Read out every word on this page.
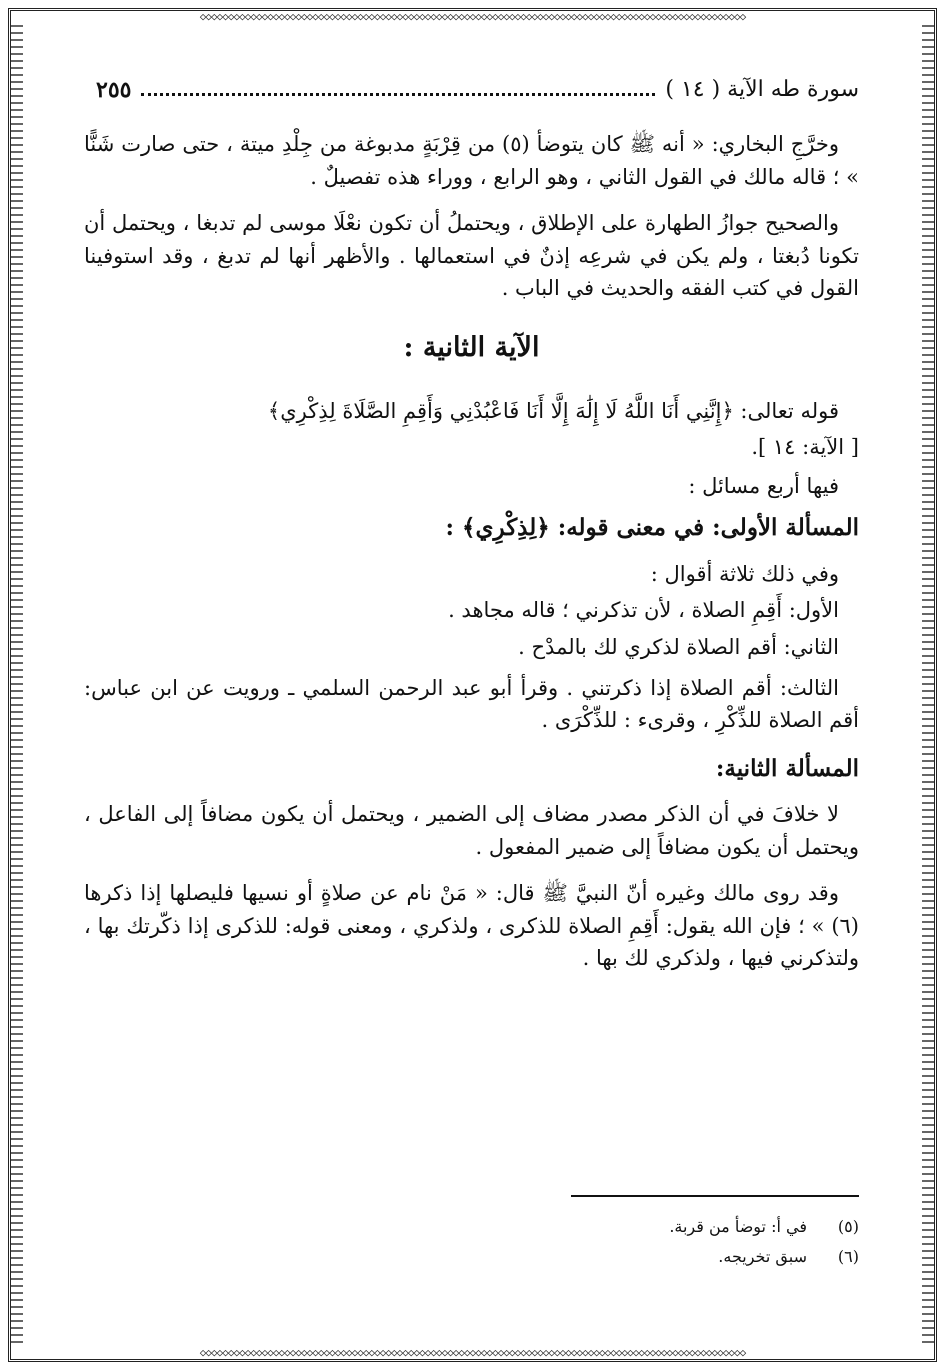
◇◇◇◇◇◇◇◇◇◇◇◇◇◇◇◇◇◇◇◇◇◇◇◇◇◇◇◇◇◇◇◇◇◇◇◇◇◇◇◇◇◇◇◇◇◇◇◇◇◇◇◇◇◇◇◇◇◇◇◇◇◇◇◇◇◇◇◇◇◇◇◇◇◇◇◇◇◇◇◇◇◇◇◇◇◇◇◇◇◇◇◇◇◇◇◇◇
◇◇◇◇◇◇◇◇◇◇◇◇◇◇◇◇◇◇◇◇◇◇◇◇◇◇◇◇◇◇◇◇◇◇◇◇◇◇◇◇◇◇◇◇◇◇◇◇◇◇◇◇◇◇◇◇◇◇◇◇◇◇◇◇◇◇◇◇◇◇◇◇◇◇◇◇◇◇◇◇◇◇◇◇◇◇◇◇◇◇◇◇◇◇◇◇◇
سورة طه الآية ( ١٤ )
٢٥٥

وخرَّجِ البخاري: « أنه ﷺ كان يتوضأ (٥) من قِرْبَةٍ مدبوغة من جِلْدِ ميتة ، حتى صارت شَنًّا » ؛ قاله مالك في القول الثاني ، وهو الرابع ، ووراء هذه تفصيلٌ .

والصحيح جوازُ الطهارة على الإطلاق ، ويحتملُ أن تكون نعْلَا موسى لم تدبغا ، ويحتمل أن تكونا دُبغتا ، ولم يكن في شرعِه إذنٌ في استعمالها . والأظهر أنها لم تدبغ ، وقد استوفينا القول في كتب الفقه والحديث في الباب .

الآية الثانية :

قوله تعالى: ﴿إِنَّنِي أَنَا اللَّهُ لَا إِلَٰهَ إِلَّا أَنَا فَاعْبُدْنِي وَأَقِمِ الصَّلَاةَ لِذِكْرِي﴾

[ الآية: ١٤ ].

فيها أربع مسائل :

المسألة الأولى: في معنى قوله: ﴿لِذِكْرِي﴾ :

وفي ذلك ثلاثة أقوال :

الأول: أَقِمِ الصلاة ، لأن تذكرني ؛ قاله مجاهد .

الثاني: أقم الصلاة لذكري لك بالمدْح .

الثالث: أقم الصلاة إذا ذكرتني . وقرأ أبو عبد الرحمن السلمي ـ ورويت عن ابن عباس: أقم الصلاة للذِّكْرِ ، وقرىء : للذِّكْرَى .

المسألة الثانية:

لا خلافَ في أن الذكر مصدر مضاف إلى الضمير ، ويحتمل أن يكون مضافاً إلى الفاعل ، ويحتمل أن يكون مضافاً إلى ضمير المفعول .

وقد روى مالك وغيره أنّ النبيَّ ﷺ قال: « مَنْ نام عن صلاةٍ أو نسيها فليصلها إذا ذكرها (٦) » ؛ فإن الله يقول: أَقِمِ الصلاة للذكرى ، ولذكري ، ومعنى قوله: للذكرى إذا ذكّرتك بها ، ولتذكرني فيها ، ولذكري لك بها .

(٥)
في أ: توضأ من قربة.
(٦)
سبق تخريجه.
